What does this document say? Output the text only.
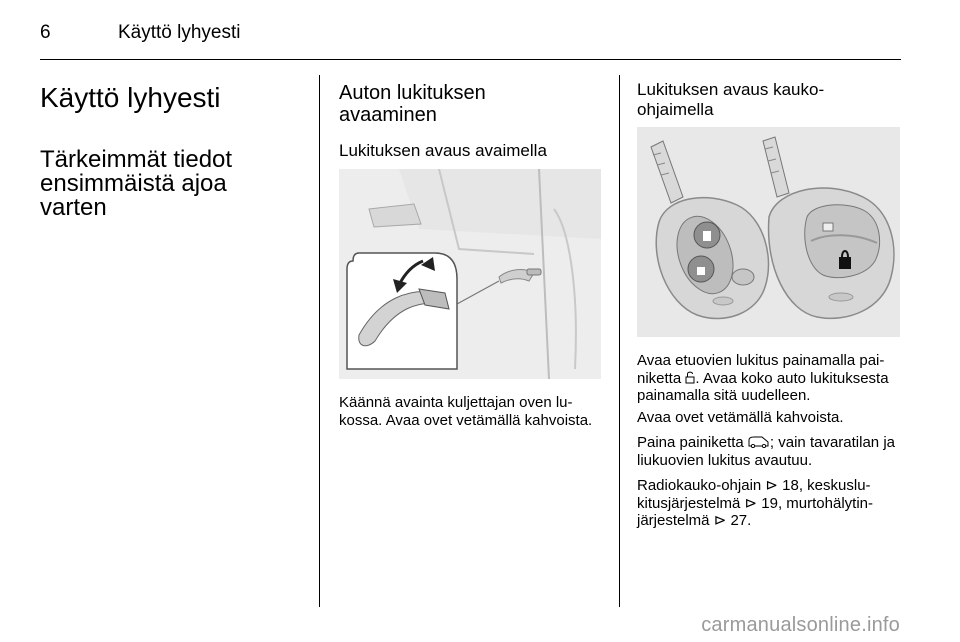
6	Käyttö lyhyesti
Käyttö lyhyesti
Tärkeimmät tiedot ensimmäistä ajoa varten
Auton lukituksen avaaminen
Lukituksen avaus avaimella
Käännä avainta kuljettajan oven lukossa. Avaa ovet vetämällä kahvoista.
Lukituksen avaus kauko-ohjaimella
Avaa etuovien lukitus painamalla painiketta . Avaa koko auto lukituksesta painamalla sitä uudelleen.
Avaa ovet vetämällä kahvoista.
Paina painiketta ; vain tavaratilan ja liukuovien lukitus avautuu.
Radiokauko-ohjain ⊳ 18, keskuslukitusjärjestelmä ⊳ 19, murtohälytinjärjestelmä ⊳ 27.
carmanualsonline.info
